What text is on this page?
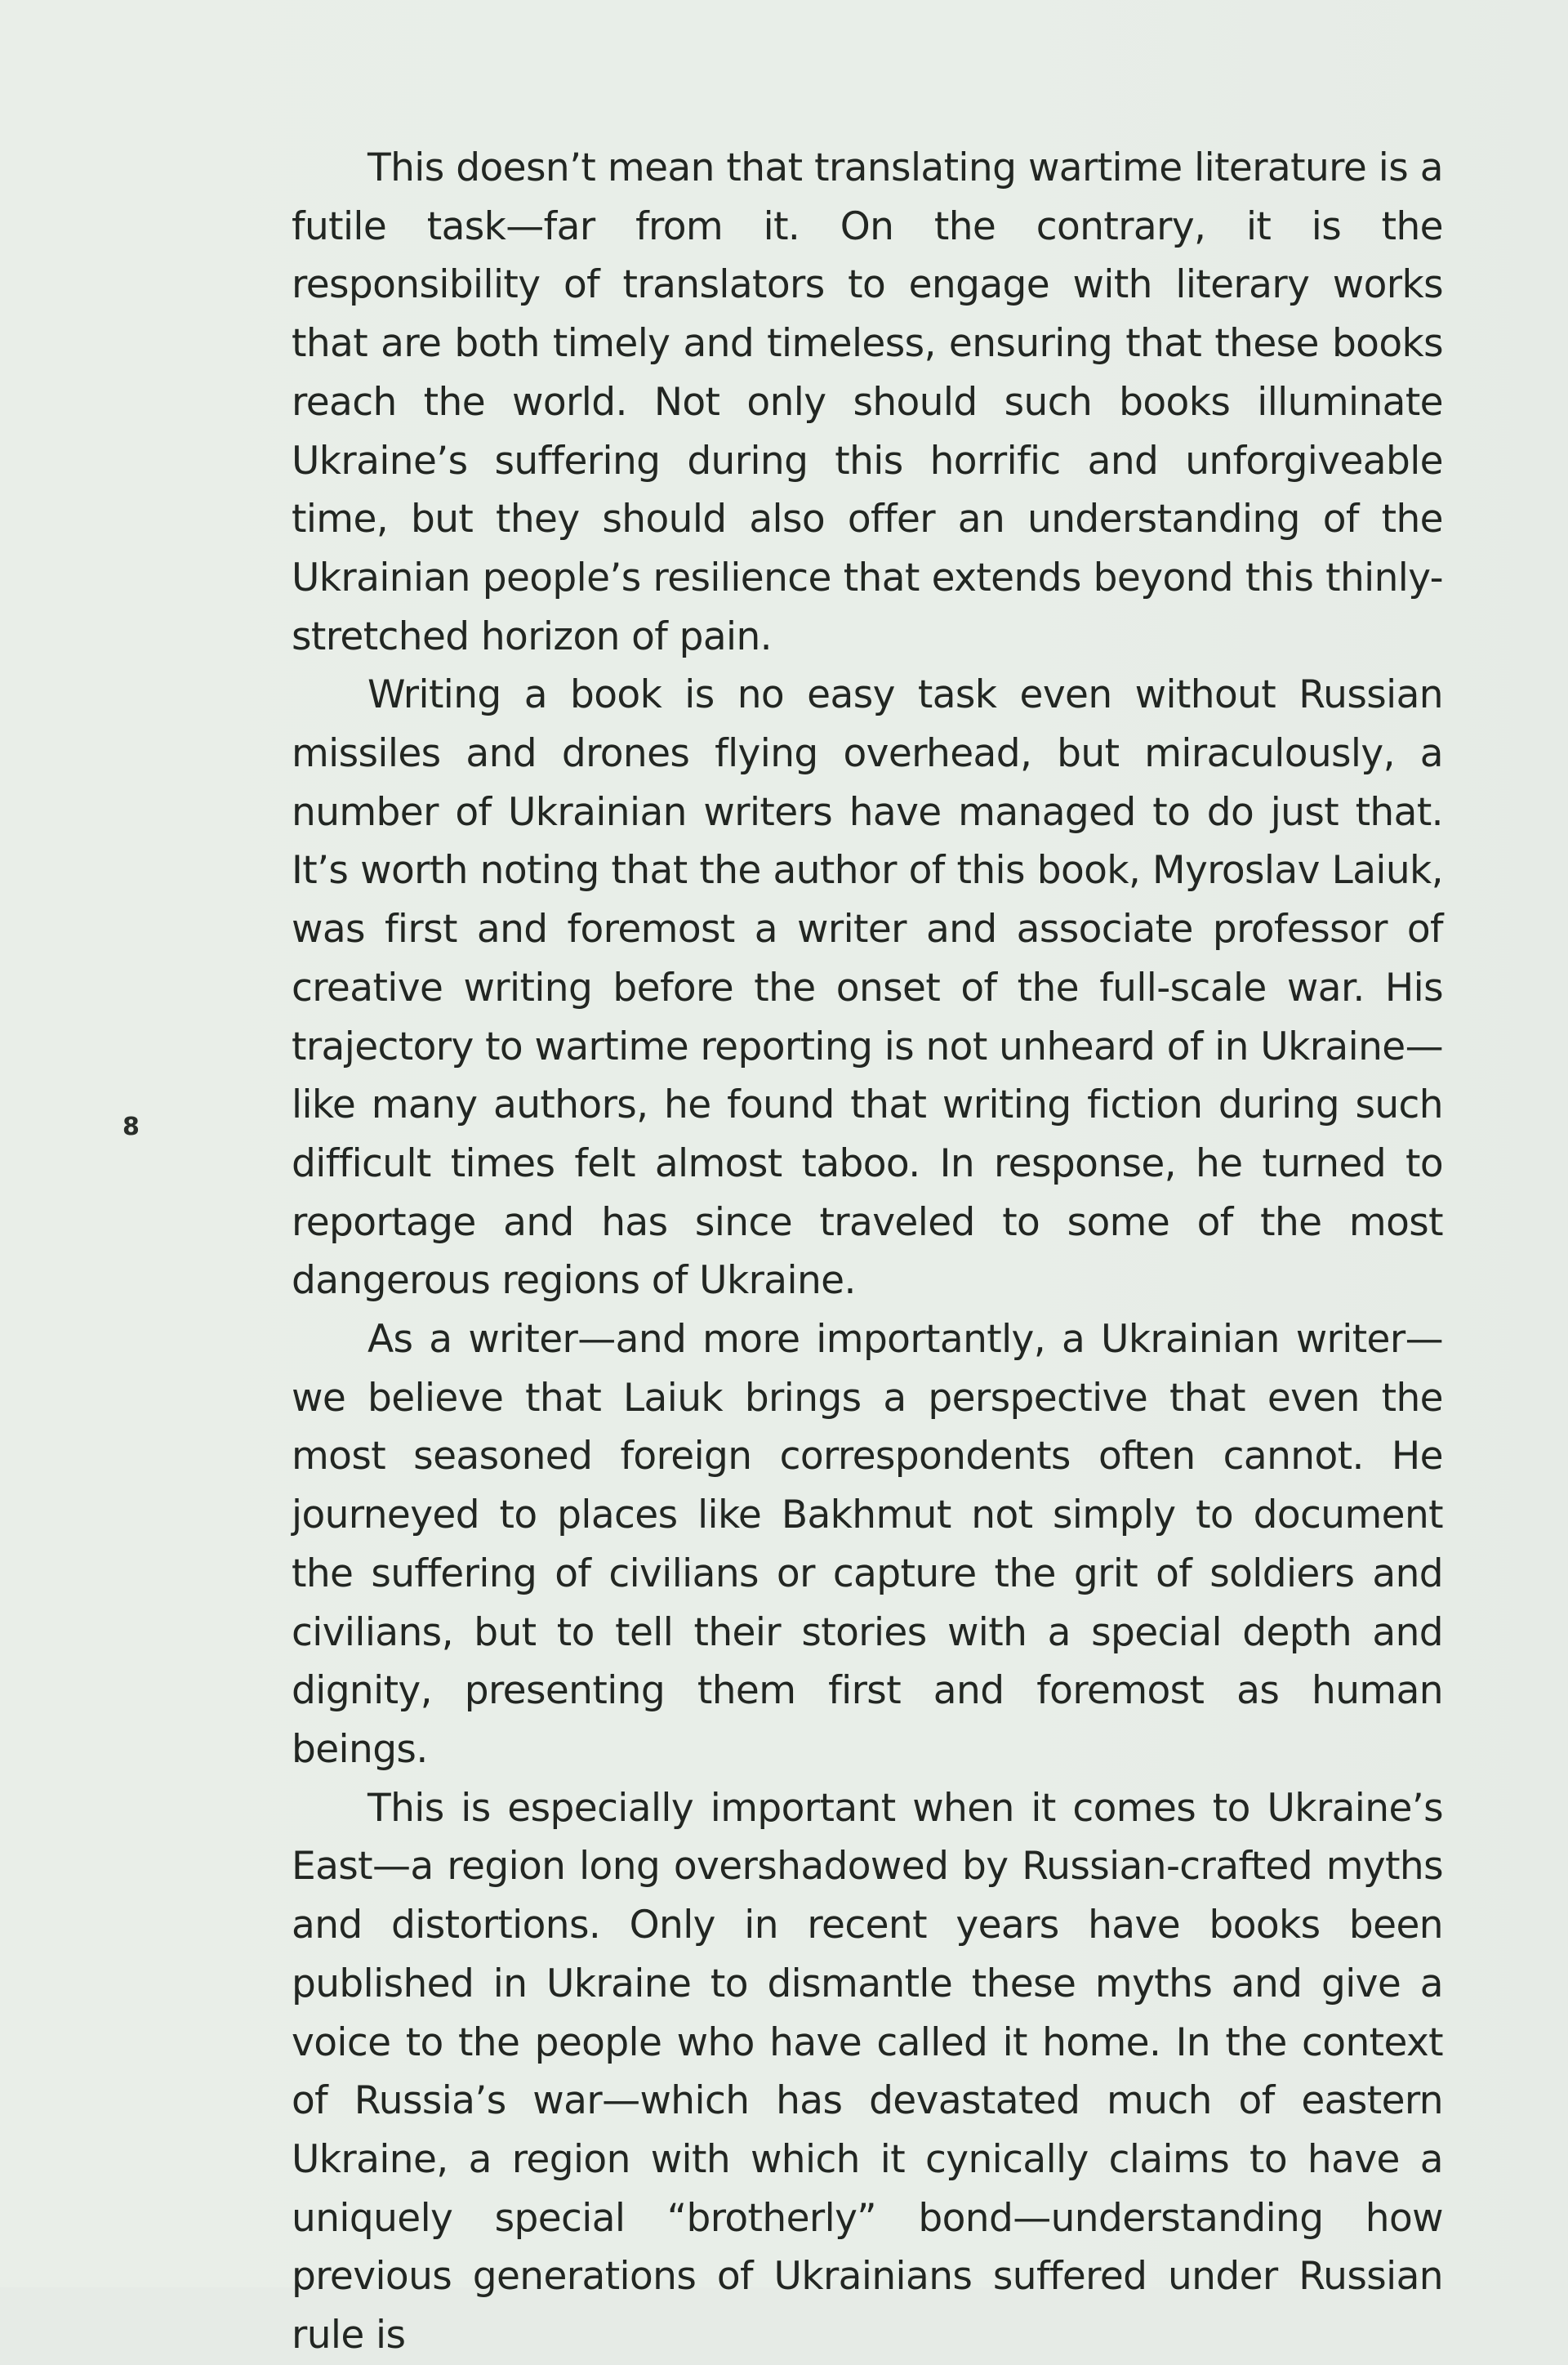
This doesn’t mean that translating wartime literature is a futile task—far from it. On the contrary, it is the responsibility of translators to engage with literary works that are both timely and timeless, ensuring that these books reach the world. Not only should such books illuminate Ukraine’s suffering during this horrific and unforgiveable time, but they should also offer an understanding of the Ukrainian people’s resilience that extends beyond this thinly-stretched horizon of pain.

Writing a book is no easy task even without Russian missiles and drones flying overhead, but miraculously, a number of Ukrainian writers have managed to do just that. It’s worth noting that the author of this book, Myroslav Laiuk, was first and foremost a writer and associate professor of creative writing before the onset of the full-scale war. His trajectory to wartime reporting is not unheard of in Ukraine—like many authors, he found that writing fiction during such difficult times felt almost taboo. In response, he turned to reportage and has since traveled to some of the most dangerous regions of Ukraine.

As a writer—and more importantly, a Ukrainian writer—we believe that Laiuk brings a perspective that even the most seasoned foreign correspondents often cannot. He journeyed to places like Bakhmut not simply to document the suffering of civilians or capture the grit of soldiers and civilians, but to tell their stories with a special depth and dignity, presenting them first and foremost as human beings.

This is especially important when it comes to Ukraine’s East—a region long overshadowed by Russian-crafted myths and distortions. Only in recent years have books been published in Ukraine to dismantle these myths and give a voice to the people who have called it home. In the context of Russia’s war—which has devastated much of eastern Ukraine, a region with which it cynically claims to have a uniquely special “brotherly” bond—understanding how previous generations of Ukrainians suffered under Russian rule is

8
